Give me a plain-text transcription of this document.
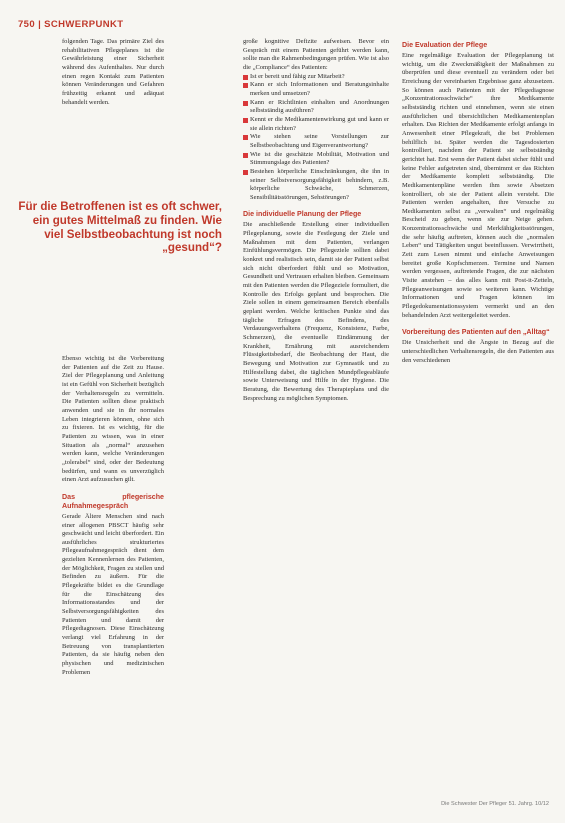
750 | SCHWERPUNKT

folgenden Tage. Das primäre Ziel des rehabilitativen Pflegeplanes ist die Gewährleistung einer Sicherheit während des Aufenthaltes. Nur durch einen regen Kontakt zum Patienten können Veränderungen und Gefahren frühzeitig erkannt und adäquat behandelt werden.

Für die Betroffenen ist es oft schwer, ein gutes Mittelmaß zu finden. Wie viel Selbstbeobachtung ist noch „gesund“?

Ebenso wichtig ist die Vorbereitung der Patienten auf die Zeit zu Hause. Ziel der Pflegeplanung und Anleitung ist ein Gefühl von Sicherheit bezüglich der Verhaltensregeln zu vermitteln. Die Patienten sollten diese praktisch anwenden und sie in ihr normales Leben integrieren können, ohne sich zu fixieren. Ist es wichtig, für die Patienten zu wissen, was in einer Situation als „normal“ anzusehen werden kann, welche Veränderungen „tolerabel“ sind, oder der Bedeutung bedürfen, und wann es unverzüglich einen Arzt aufzusuchen gilt.

Das pflegerische Aufnahmegespräch

Gerade Ältere Menschen sind nach einer allogenen PBSCT häufig sehr geschwächt und leicht überfordert. Ein ausführliches strukturiertes Pflegeaufnahmegespräch dient dem gezielten Kennenlernen des Patienten, der Möglichkeit, Fragen zu stellen und Befinden zu äußern. Für die Pflegekräfte bildet es die Grundlage für die Einschätzung des Informationsstandes und der Selbstversorgungsfähigkeiten des Patienten und damit der Pflegediagnosen. Diese Einschätzung verlangt viel Erfahrung in der Betreuung von transplantierten Patienten, da sie häufig neben den physischen und medizinischen Problemen

große kognitive Defizite aufweisen. Bevor ein Gespräch mit einem Patienten geführt werden kann, sollte man die Rahmenbedingungen prüfen. Wie ist also die „Compliance“ des Patienten:

Ist er bereit und fähig zur Mitarbeit?
Kann er sich Informationen und Beratungsinhalte merken und umsetzen?
Kann er Richtlinien einhalten und Anordnungen selbstständig ausführen?
Kennt er die Medikamentenwirkung gut und kann er sie allein richten?
Wie stehen seine Vorstellungen zur Selbstbeobachtung und Eigenverantwortung?
Wie ist die geschätzte Mobilität, Motivation und Stimmungslage des Patienten?
Bestehen körperliche Einschränkungen, die ihn in seiner Selbstversorgungsfähigkeit behindern, z.B. körperliche Schwäche, Schmerzen, Sensibilitätsstörungen, Sehstörungen?
Die individuelle Planung der Pflege

Die anschließende Erstellung einer individuellen Pflegeplanung, sowie die Festlegung der Ziele und Maßnahmen mit dem Patienten, verlangen Einfühlungsvermögen. Die Pflegeziele sollten dabei konkret und realistisch sein, damit sie der Patient selbst sich nicht überfordert fühlt und so Motivation, Gesundheit und Vertrauen erhalten bleiben. Gemeinsam mit den Patienten werden die Pflegeziele formuliert, die Kontrolle des Erfolgs geplant und besprochen. Die Ziele sollen in einem gemeinsamen Bereich ebenfalls geplant werden. Welche kritischen Punkte sind das tägliche Erfragen des Befindens, des Verdauungsverhaltens (Frequenz, Konsistenz, Farbe, Schmerzen), die eventuelle Eindämmung der Krankheit, Ernährung mit ausreichendem Flüssigkeitsbedarf, die Beobachtung der Haut, die Bewegung und Motivation zur Gymnastik und zu Hilfestellung dabei, die täglichen Mundpflegeabläufe sowie Unterweisung und Hilfe in der Hygiene. Die Beratung, die Bewertung des Therapieplans und die Besprechung zu möglichen Symptomen.

Die Evaluation der Pflege

Eine regelmäßige Evaluation der Pflegeplanung ist wichtig, um die Zweckmäßigkeit der Maßnahmen zu überprüfen und diese eventuell zu verändern oder bei Erreichung der vereinbarten Ergebnisse ganz abzusetzen. So können auch Patienten mit der Pflegediagnose „Konzentrationsschwäche“ ihre Medikamente selbstständig richten und einnehmen, wenn sie einen ausführlichen und übersichtlichen Medikamentenplan erhalten. Das Richten der Medikamente erfolgt anfangs in Anwesenheit einer Pflegekraft, die bei Problemen behilflich ist. Später werden die Tagesdosierten kontrolliert, nachdem der Patient sie selbstständig gerichtet hat. Erst wenn der Patient dabei sicher fühlt und keine Fehler aufgetreten sind, übernimmt er das Richten der Medikamente komplett selbstständig. Die Medikamentenpläne werden ihm sowie Absetzen kontrolliert, ob sie der Patient allein versteht. Die Patienten werden angehalten, ihre Versuche zu Medikamenten selbst zu „verwalten“ und regelmäßig Bescheid zu geben, wenn sie zur Neige gehen. Konzentrationsschwäche und Merkfähigkeitsstörungen, die sehr häufig auftreten, können auch die „normalen Leben“ und Tätigkeiten ungut beeinflussen. Verwirrtheit, Zeit zum Lesen nimmt und einfache Anweisungen bereitet große Kopfschmerzen. Termine und Namen werden vergessen, auftretende Fragen, die zur nächsten Visite anstehen – das alles kann mit Post-it-Zetteln, Pflegeanweisungen sowie so weiteren kann. Wichtige Informationen und Fragen können im Pflegedokumentationssystem vermerkt und an den behandelnden Arzt weitergeleitet werden.

Vorbereitung des Patienten auf den „Alltag“

Die Unsicherheit und die Ängste in Bezug auf die unterschiedlichen Verhaltensregeln, die den Patienten aus den verschiedenen

Die Schwester Der Pfleger 51. Jahrg. 10/12
